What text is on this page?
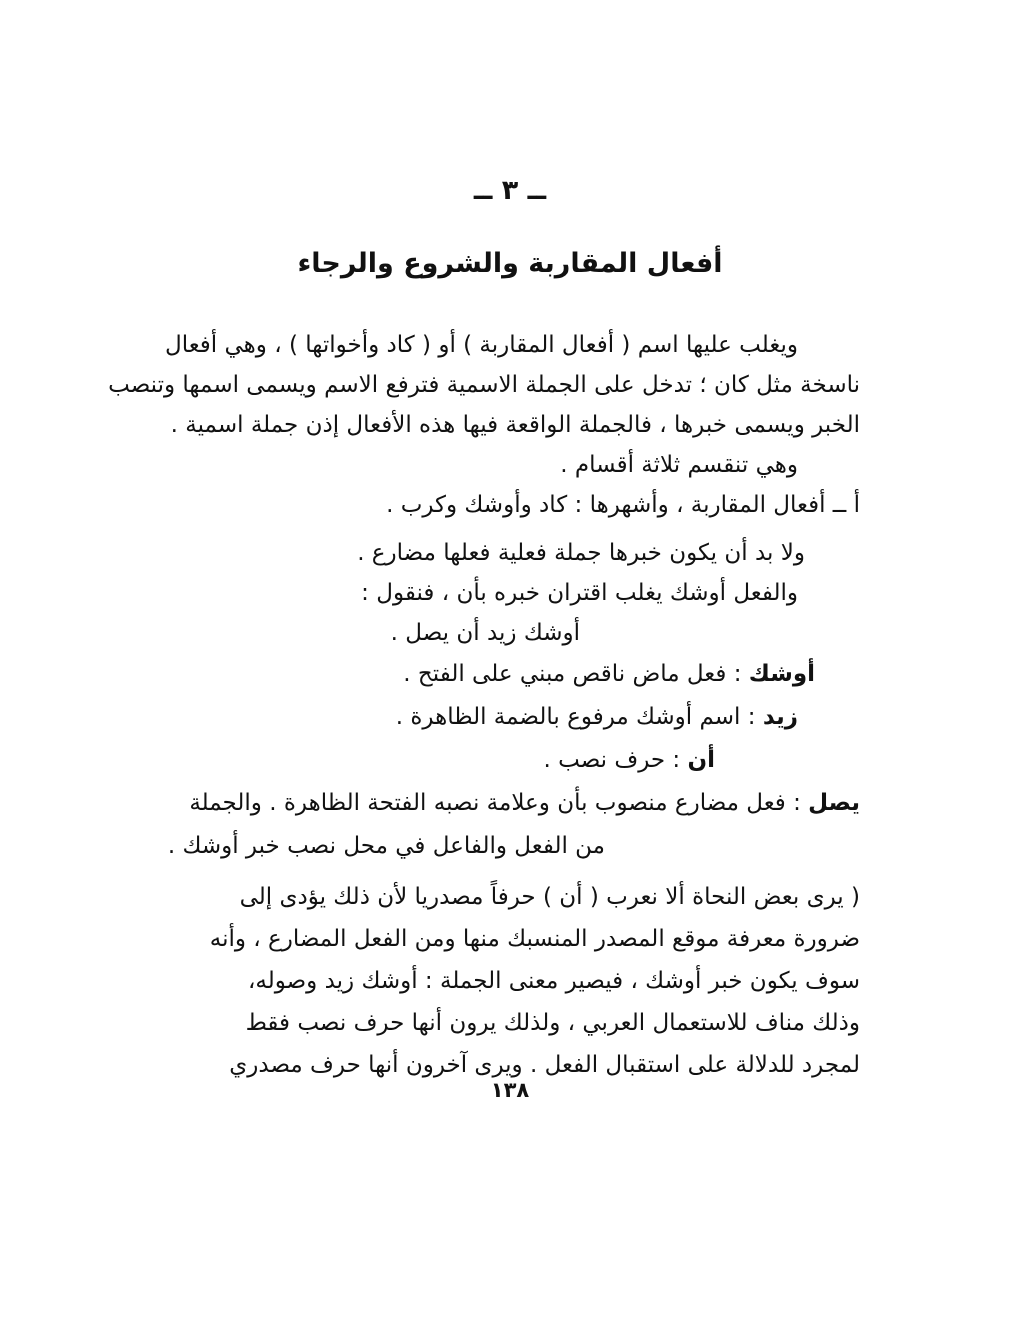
ــ ٣ ــ
أفعال المقاربة والشروع والرجاء
ويغلب عليها اسم ( أفعال المقاربة ) أو ( كاد وأخواتها ) ، وهي أفعال
ناسخة مثل كان ؛ تدخل على الجملة الاسمية فترفع الاسم ويسمى اسمها وتنصب
الخبر ويسمى خبرها ، فالجملة الواقعة فيها هذه الأفعال إذن جملة اسمية .
وهي تنقسم ثلاثة أقسام .
أ ــ أفعال المقاربة ، وأشهرها : كاد وأوشك وكرب .
ولا بد أن يكون خبرها جملة فعلية فعلها مضارع .
والفعل أوشك يغلب اقتران خبره بأن ، فنقول :
أوشك زيد أن يصل .
أوشك : فعل ماض ناقص مبني على الفتح .
زيد : اسم أوشك مرفوع بالضمة الظاهرة .
أن : حرف نصب .
يصل : فعل مضارع منصوب بأن وعلامة نصبه الفتحة الظاهرة . والجملة
من الفعل والفاعل في محل نصب خبر أوشك .
( يرى بعض النحاة ألا نعرب ( أن ) حرفاً مصدريا لأن ذلك يؤدى إلى
ضرورة معرفة موقع المصدر المنسبك منها ومن الفعل المضارع ، وأنه
سوف يكون خبر أوشك ، فيصير معنى الجملة : أوشك زيد وصوله،
وذلك مناف للاستعمال العربي ، ولذلك يرون أنها حرف نصب فقط
لمجرد للدلالة على استقبال الفعل . ويرى آخرون أنها حرف مصدري
١٣٨
